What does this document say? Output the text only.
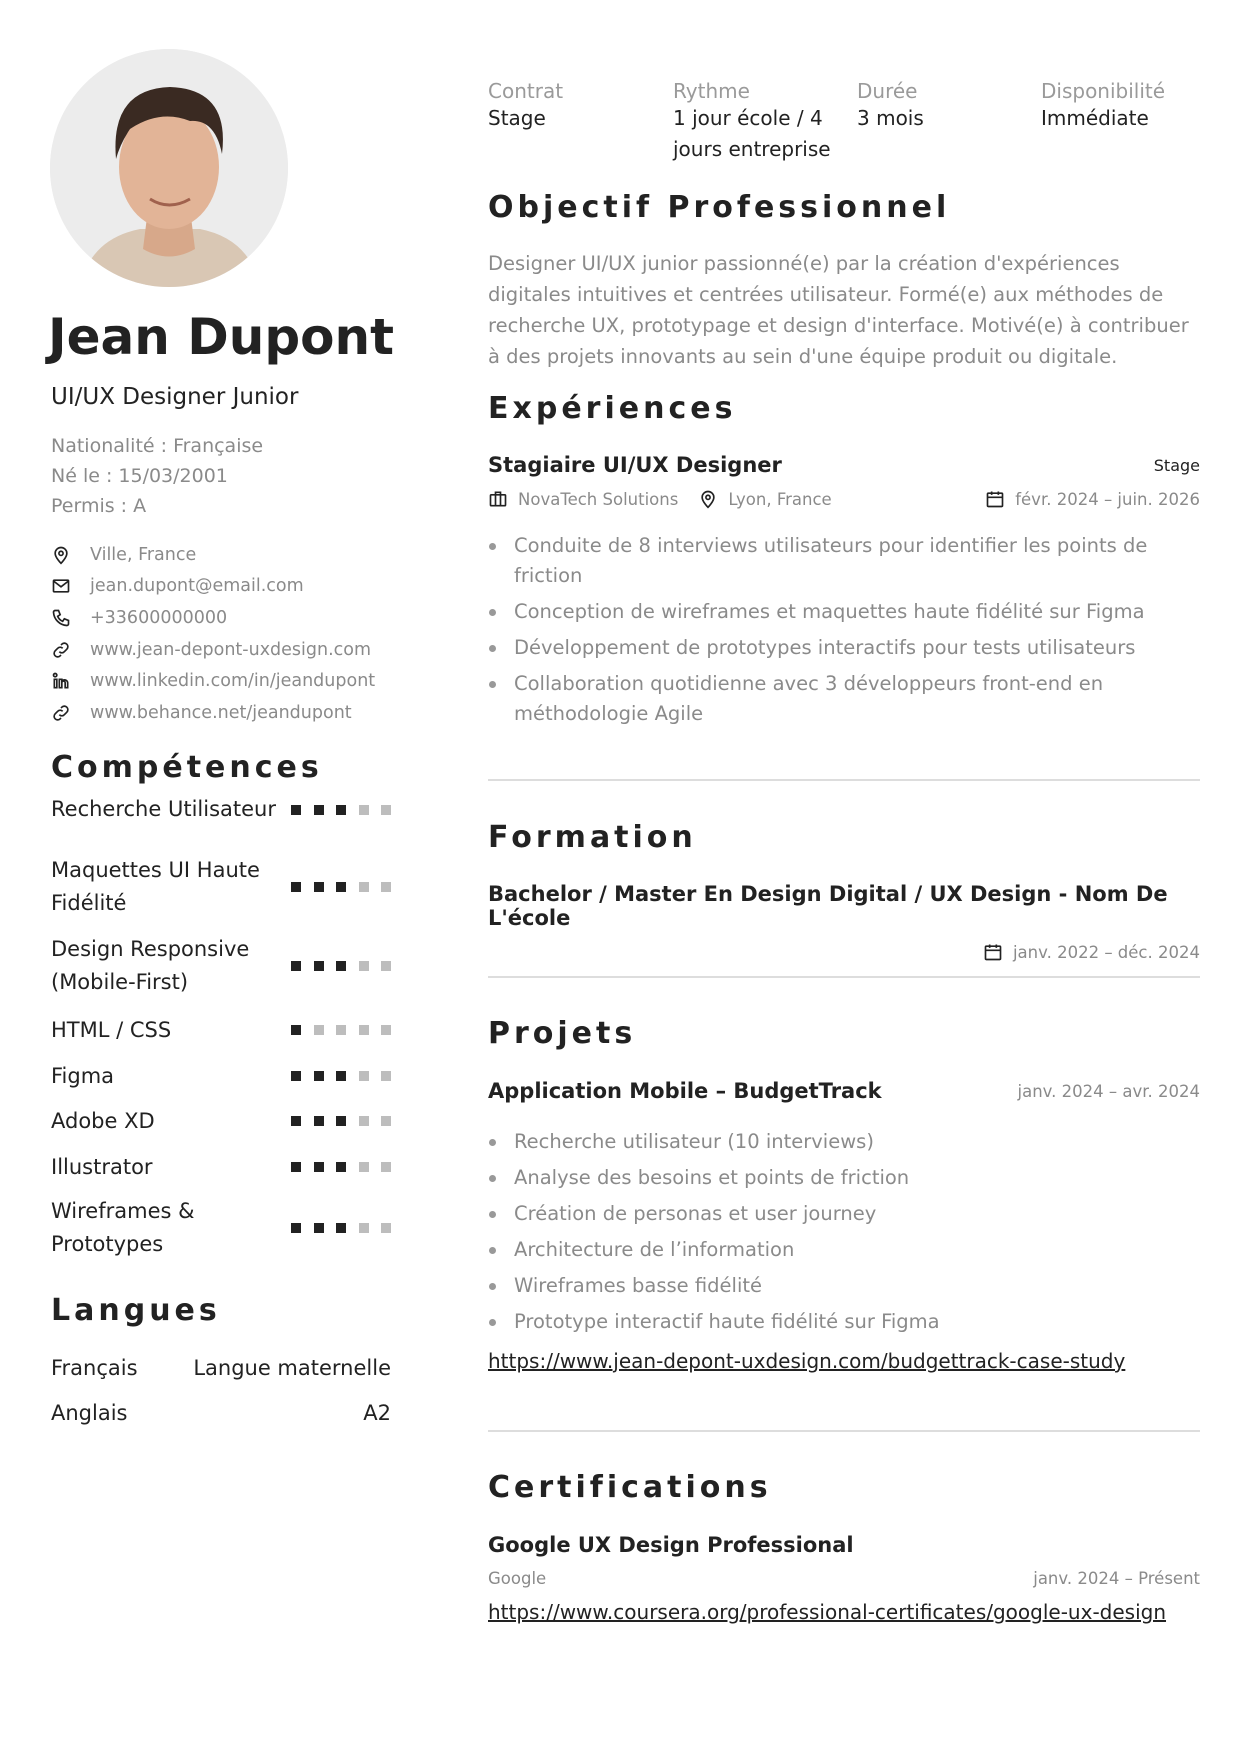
Jean Dupont
UI/UX Designer Junior
Nationalité : Française
Né le : 15/03/2001
Permis : A
Ville, France
jean.dupont@email.com
+33600000000
www.jean-depont-uxdesign.com
www.linkedin.com/in/jeandupont
www.behance.net/jeandupont
Compétences
Recherche Utilisateur
Maquettes UI Haute Fidélité
Design Responsive (Mobile-First)
HTML / CSS
Figma
Adobe XD
Illustrator
Wireframes & Prototypes
Langues
Français	Langue maternelle
Anglais	A2
Contrat
Stage
Rythme
1 jour école / 4 jours entreprise
Durée
3 mois
Disponibilité
Immédiate
Objectif Professionnel
Designer UI/UX junior passionné(e) par la création d'expériences digitales intuitives et centrées utilisateur. Formé(e) aux méthodes de recherche UX, prototypage et design d'interface. Motivé(e) à contribuer à des projets innovants au sein d'une équipe produit ou digitale.
Expériences
Stagiaire UI/UX Designer	Stage
NovaTech Solutions	Lyon, France	févr. 2024 – juin. 2026
Conduite de 8 interviews utilisateurs pour identifier les points de friction
Conception de wireframes et maquettes haute fidélité sur Figma
Développement de prototypes interactifs pour tests utilisateurs
Collaboration quotidienne avec 3 développeurs front-end en méthodologie Agile
Formation
Bachelor / Master En Design Digital / UX Design - Nom De L'école
janv. 2022 – déc. 2024
Projets
Application Mobile – BudgetTrack	janv. 2024 – avr. 2024
Recherche utilisateur (10 interviews)
Analyse des besoins et points de friction
Création de personas et user journey
Architecture de l’information
Wireframes basse fidélité
Prototype interactif haute fidélité sur Figma
https://www.jean-depont-uxdesign.com/budgettrack-case-study
Certifications
Google UX Design Professional
Google	janv. 2024 – Présent
https://www.coursera.org/professional-certificates/google-ux-design
